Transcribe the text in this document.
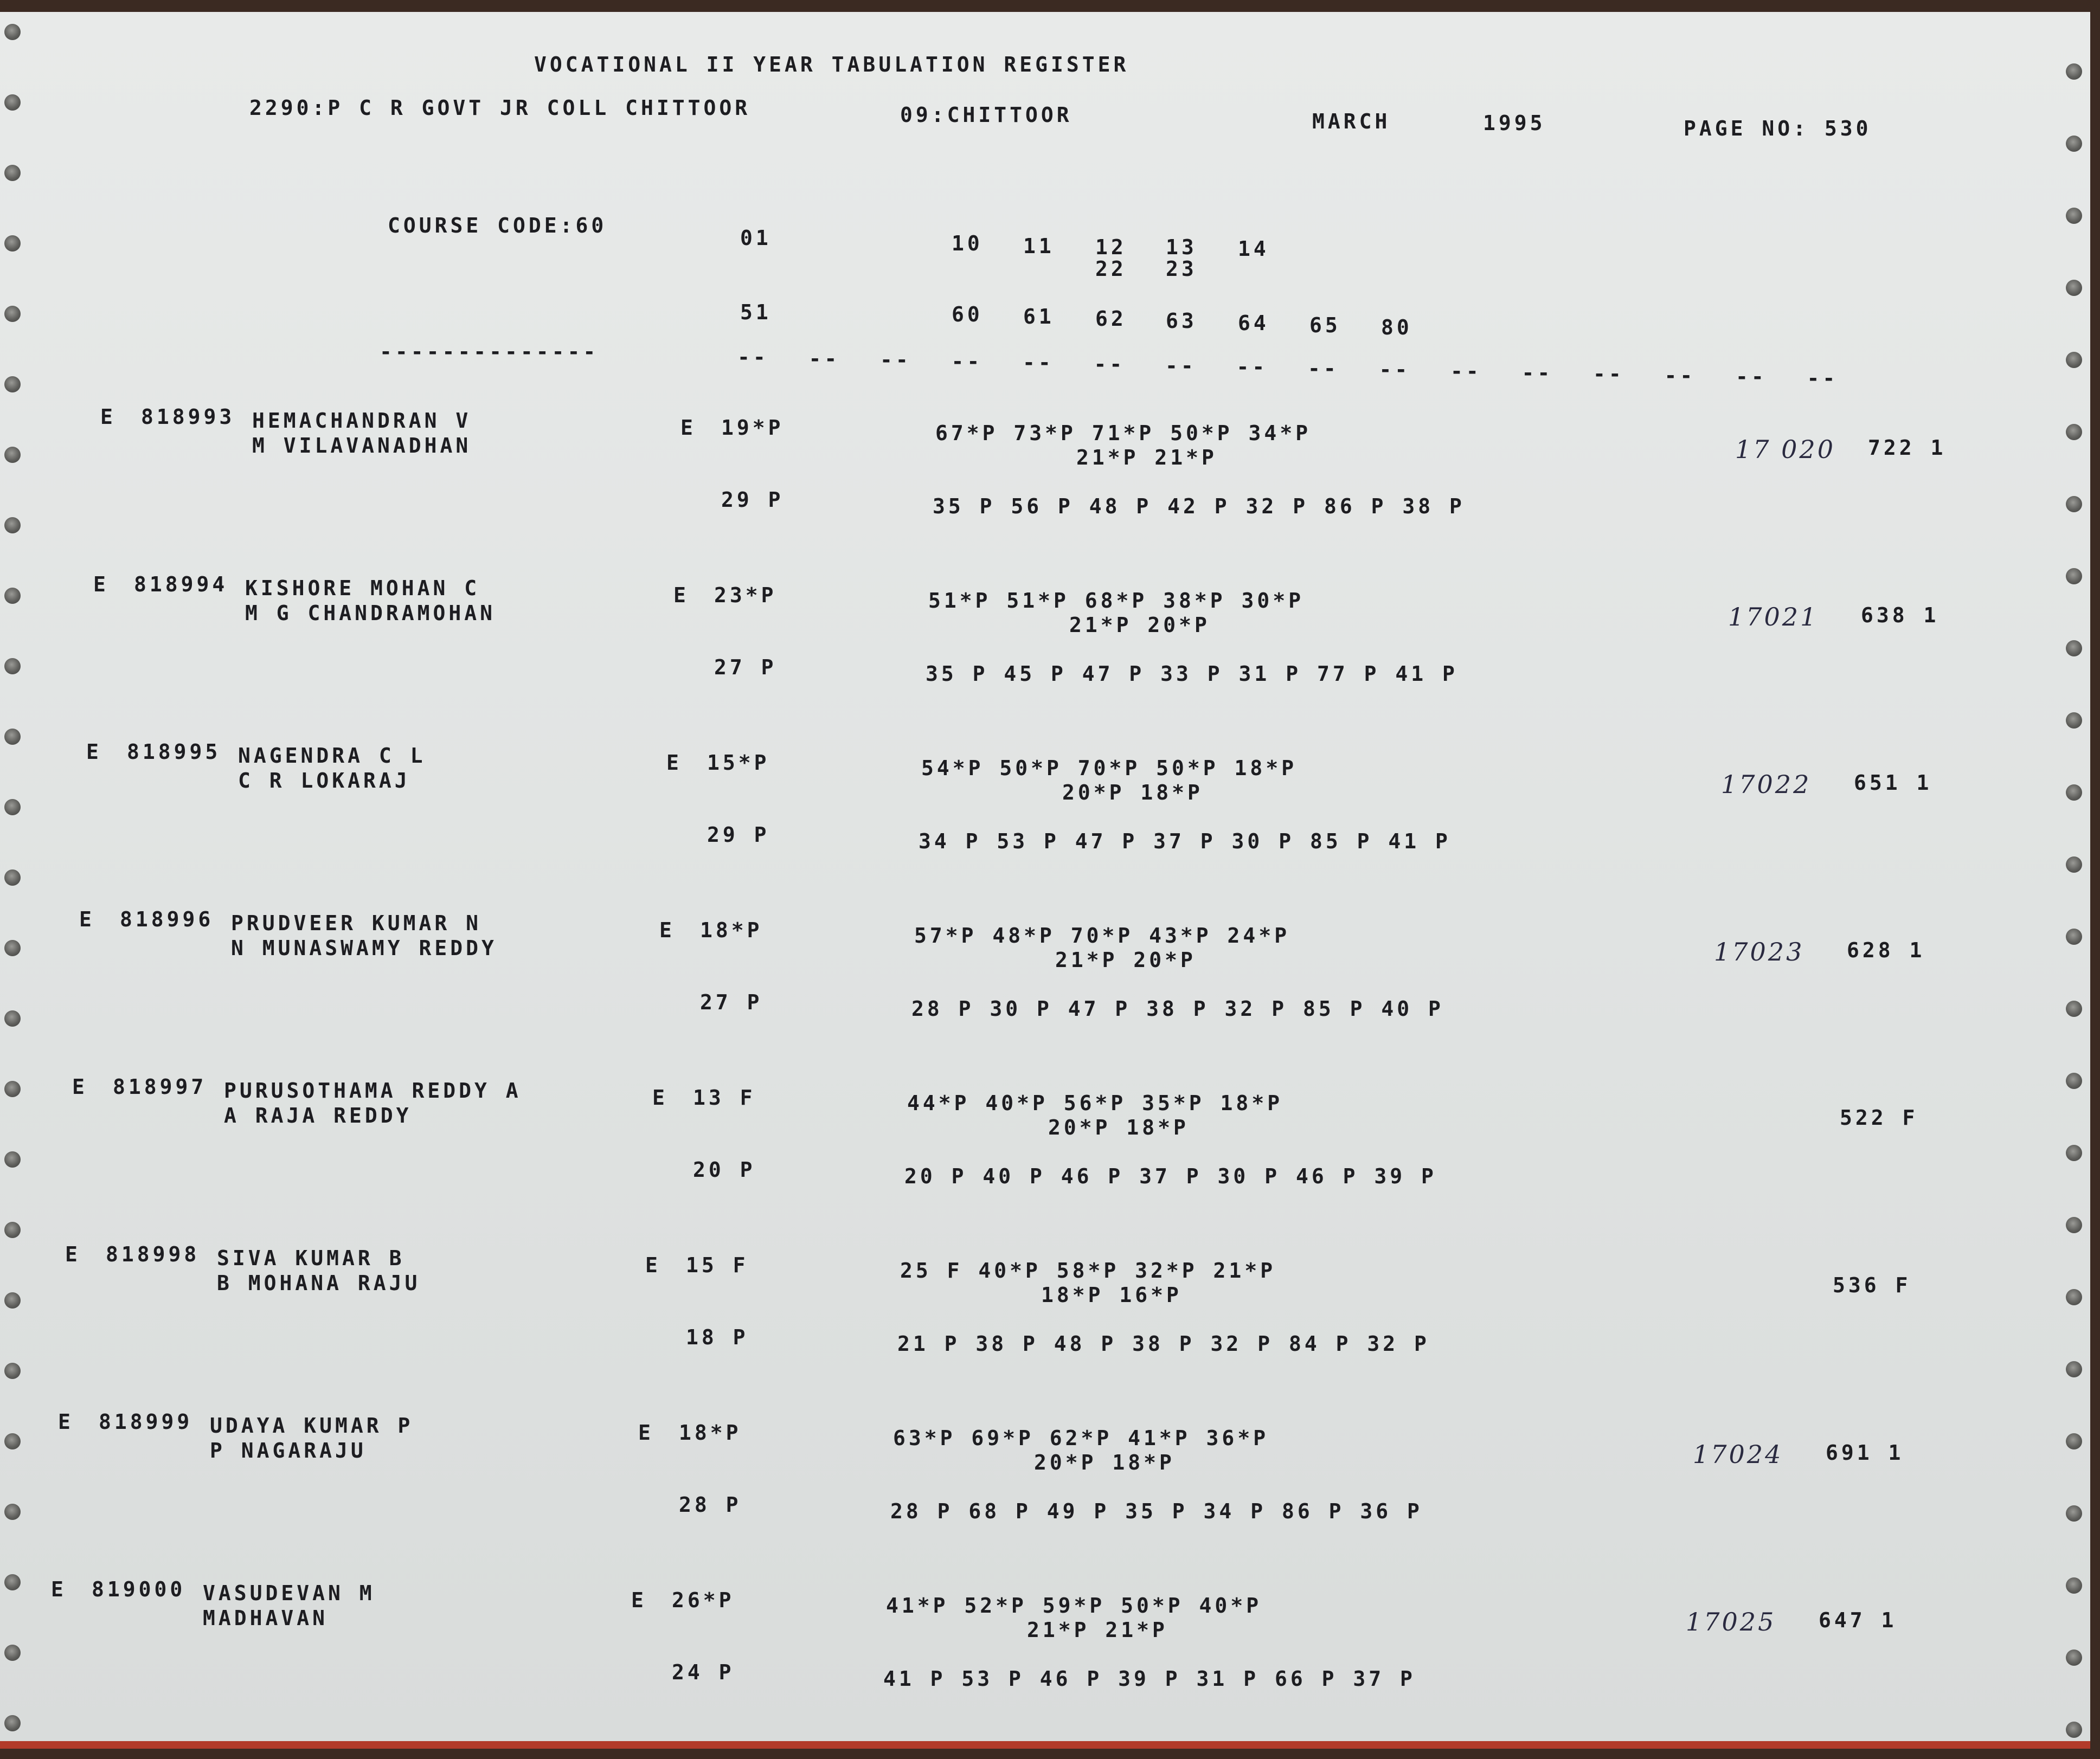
VOCATIONAL II YEAR TABULATION REGISTER
2290:P C R GOVT JR COLL CHITTOOR	09:CHITTOOR	MARCH	1995	PAGE NO: 530
COURSE CODE:60
01	10 11 12 13 14
22 23
51	60 61 62 63 64 65 80
--------------	-- -- -- -- -- -- -- -- -- -- -- -- -- -- -- --
E 818993 HEMACHANDRAN V
M VILAVANADHAN
E 19*P	67*P 73*P 71*P 50*P 34*P
21*P 21*P
29 P	35 P 56 P 48 P 42 P 32 P 86 P 38 P
17 020 722 1
E 818994 KISHORE MOHAN C
M G CHANDRAMOHAN
E 23*P	51*P 51*P 68*P 38*P 30*P
21*P 20*P
27 P	35 P 45 P 47 P 33 P 31 P 77 P 41 P
17021 638 1
E 818995 NAGENDRA C L
C R LOKARAJ
E 15*P	54*P 50*P 70*P 50*P 18*P
20*P 18*P
29 P	34 P 53 P 47 P 37 P 30 P 85 P 41 P
17022 651 1
E 818996 PRUDVEER KUMAR N
N MUNASWAMY REDDY
E 18*P	57*P 48*P 70*P 43*P 24*P
21*P 20*P
27 P	28 P 30 P 47 P 38 P 32 P 85 P 40 P
17023 628 1
E 818997 PURUSOTHAMA REDDY A
A RAJA REDDY
E 13 F	44*P 40*P 56*P 35*P 18*P
20*P 18*P
20 P	20 P 40 P 46 P 37 P 30 P 46 P 39 P
522 F
E 818998 SIVA KUMAR B
B MOHANA RAJU
E 15 F	25 F 40*P 58*P 32*P 21*P
18*P 16*P
18 P	21 P 38 P 48 P 38 P 32 P 84 P 32 P
536 F
E 818999 UDAYA KUMAR P
P NAGARAJU
E 18*P	63*P 69*P 62*P 41*P 36*P
20*P 18*P
28 P	28 P 68 P 49 P 35 P 34 P 86 P 36 P
17024 691 1
E 819000 VASUDEVAN M
MADHAVAN
E 26*P	41*P 52*P 59*P 50*P 40*P
21*P 21*P
24 P	41 P 53 P 46 P 39 P 31 P 66 P 37 P
17025 647 1
